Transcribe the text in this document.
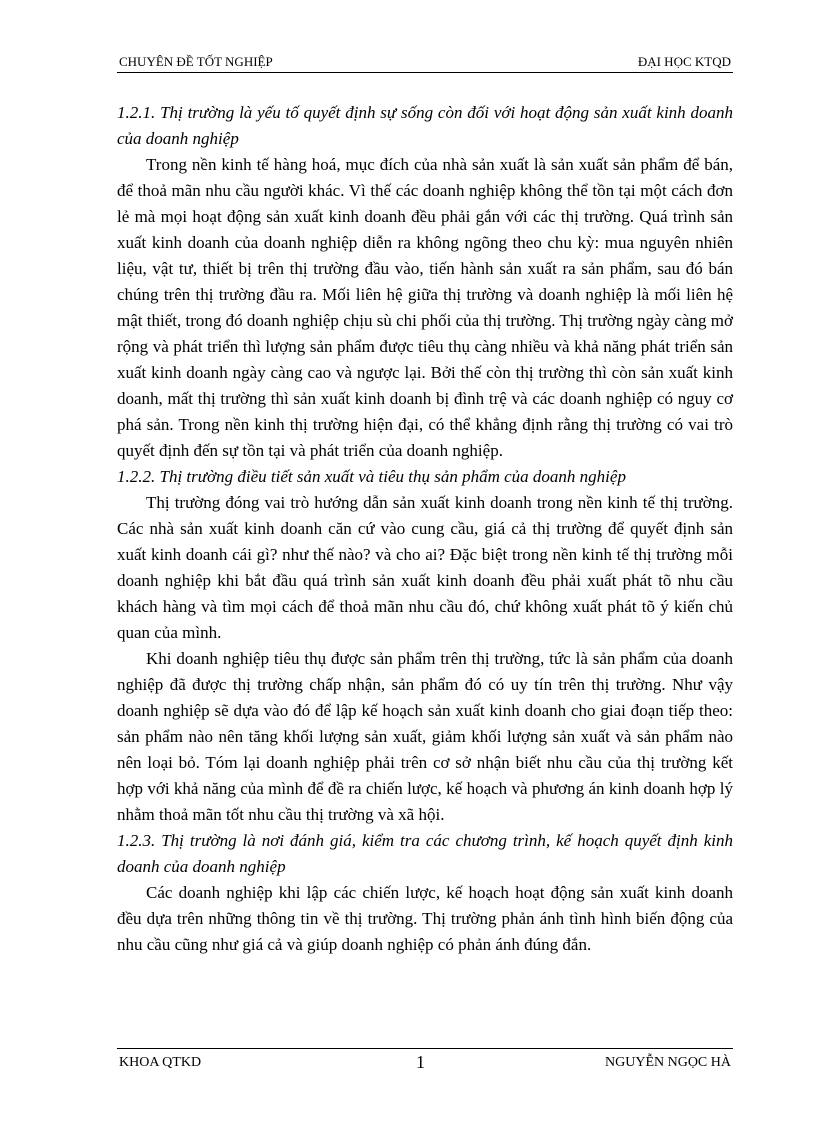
CHUYÊN ĐỀ TỐT NGHIỆP	ĐẠI HỌC KTQD
1.2.1. Thị trường là yếu tố quyết định sự sống còn đối với hoạt động sản xuất kinh doanh của doanh nghiệp

Trong nền kinh tế hàng hoá, mục đích của nhà sản xuất là sản xuất sản phẩm để bán, để thoả mãn nhu cầu người khác. Vì thế các doanh nghiệp không thể tồn tại một cách đơn lẻ mà mọi hoạt động sản xuất kinh doanh đều phải gắn với các thị trường. Quá trình sản xuất kinh doanh của doanh nghiệp diễn ra không ngõng theo chu kỳ: mua nguyên nhiên liệu, vật tư, thiết bị trên thị trường đầu vào, tiến hành sản xuất ra sản phẩm, sau đó bán chúng trên thị trường đầu ra. Mối liên hệ giữa thị trường và doanh nghiệp là mối liên hệ mật thiết, trong đó doanh nghiệp chịu sù chi phối của thị trường. Thị trường ngày càng mở rộng và phát triển thì lượng sản phẩm được tiêu thụ càng nhiều và khả năng phát triển sản xuất kinh doanh ngày càng cao và ngược lại. Bởi thế còn thị trường thì còn sản xuất kinh doanh, mất thị trường thì sản xuất kinh doanh bị đình trệ và các doanh nghiệp có nguy cơ phá sản. Trong nền kinh thị trường hiện đại, có thể khẳng định rằng thị trường có vai trò quyết định đến sự tồn tại và phát triển của doanh nghiệp.

1.2.2. Thị trường điều tiết sản xuất và tiêu thụ sản phẩm của doanh nghiệp

Thị trường đóng vai trò hướng dẫn sản xuất kinh doanh trong nền kinh tế thị trường. Các nhà sản xuất kinh doanh căn cứ vào cung cầu, giá cả thị trường để quyết định sản xuất kinh doanh cái gì? như thế nào? và cho ai? Đặc biệt trong nền kinh tế thị trường mỗi doanh nghiệp khi bắt đầu quá trình sản xuất kinh doanh đều phải xuất phát tõ nhu cầu khách hàng và tìm mọi cách để thoả mãn nhu cầu đó, chứ không xuất phát tõ ý kiến chủ quan của mình.

Khi doanh nghiệp tiêu thụ được sản phẩm trên thị trường, tức là sản phẩm của doanh nghiệp đã được thị trường chấp nhận, sản phẩm đó có uy tín trên thị trường. Như vậy doanh nghiệp sẽ dựa vào đó để lập kế hoạch sản xuất kinh doanh cho giai đoạn tiếp theo: sản phẩm nào nên tăng khối lượng sản xuất, giảm khối lượng sản xuất và sản phẩm nào nên loại bỏ. Tóm lại doanh nghiệp phải trên cơ sở nhận biết nhu cầu của thị trường kết hợp với khả năng của mình để đề ra chiến lược, kế hoạch và phương án kinh doanh hợp lý nhằm thoả mãn tốt nhu cầu thị trường và xã hội.

1.2.3. Thị trường là nơi đánh giá, kiểm tra các chương trình, kế hoạch quyết định kinh doanh của doanh nghiệp

Các doanh nghiệp khi lập các chiến lược, kế hoạch hoạt động sản xuất kinh doanh đều dựa trên những thông tin về thị trường. Thị trường phản ánh tình hình biến động của nhu cầu cũng như giá cả và giúp doanh nghiệp có phản ánh đúng đắn.

KHOA QTKD	1	NGUYỄN NGỌC HÀ
